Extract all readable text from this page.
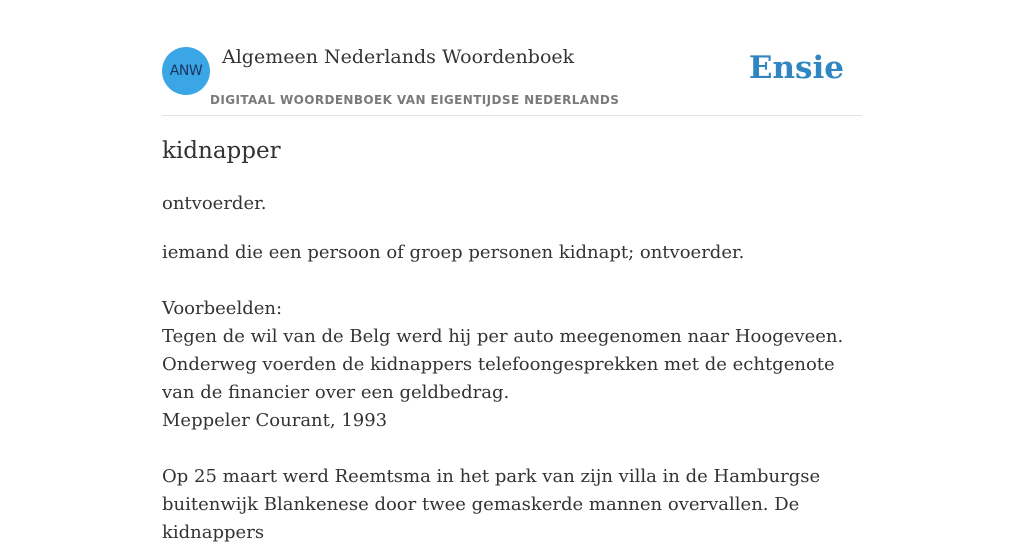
ANW
Algemeen Nederlands Woordenboek
DIGITAAL WOORDENBOEK VAN EIGENTIJDSE NEDERLANDS
Ensie
kidnapper

ontvoerder.

iemand die een persoon of groep personen kidnapt; ontvoerder.

Voorbeelden:

Tegen de wil van de Belg werd hij per auto meegenomen naar Hoogeveen. Onderweg voerden de kidnappers telefoongesprekken met de echtgenote van de financier over een geldbedrag.

Meppeler Courant, 1993

Op 25 maart werd Reemtsma in het park van zijn villa in de Hamburgse buitenwijk Blankenese door twee gemaskerde mannen overvallen. De kidnappers
